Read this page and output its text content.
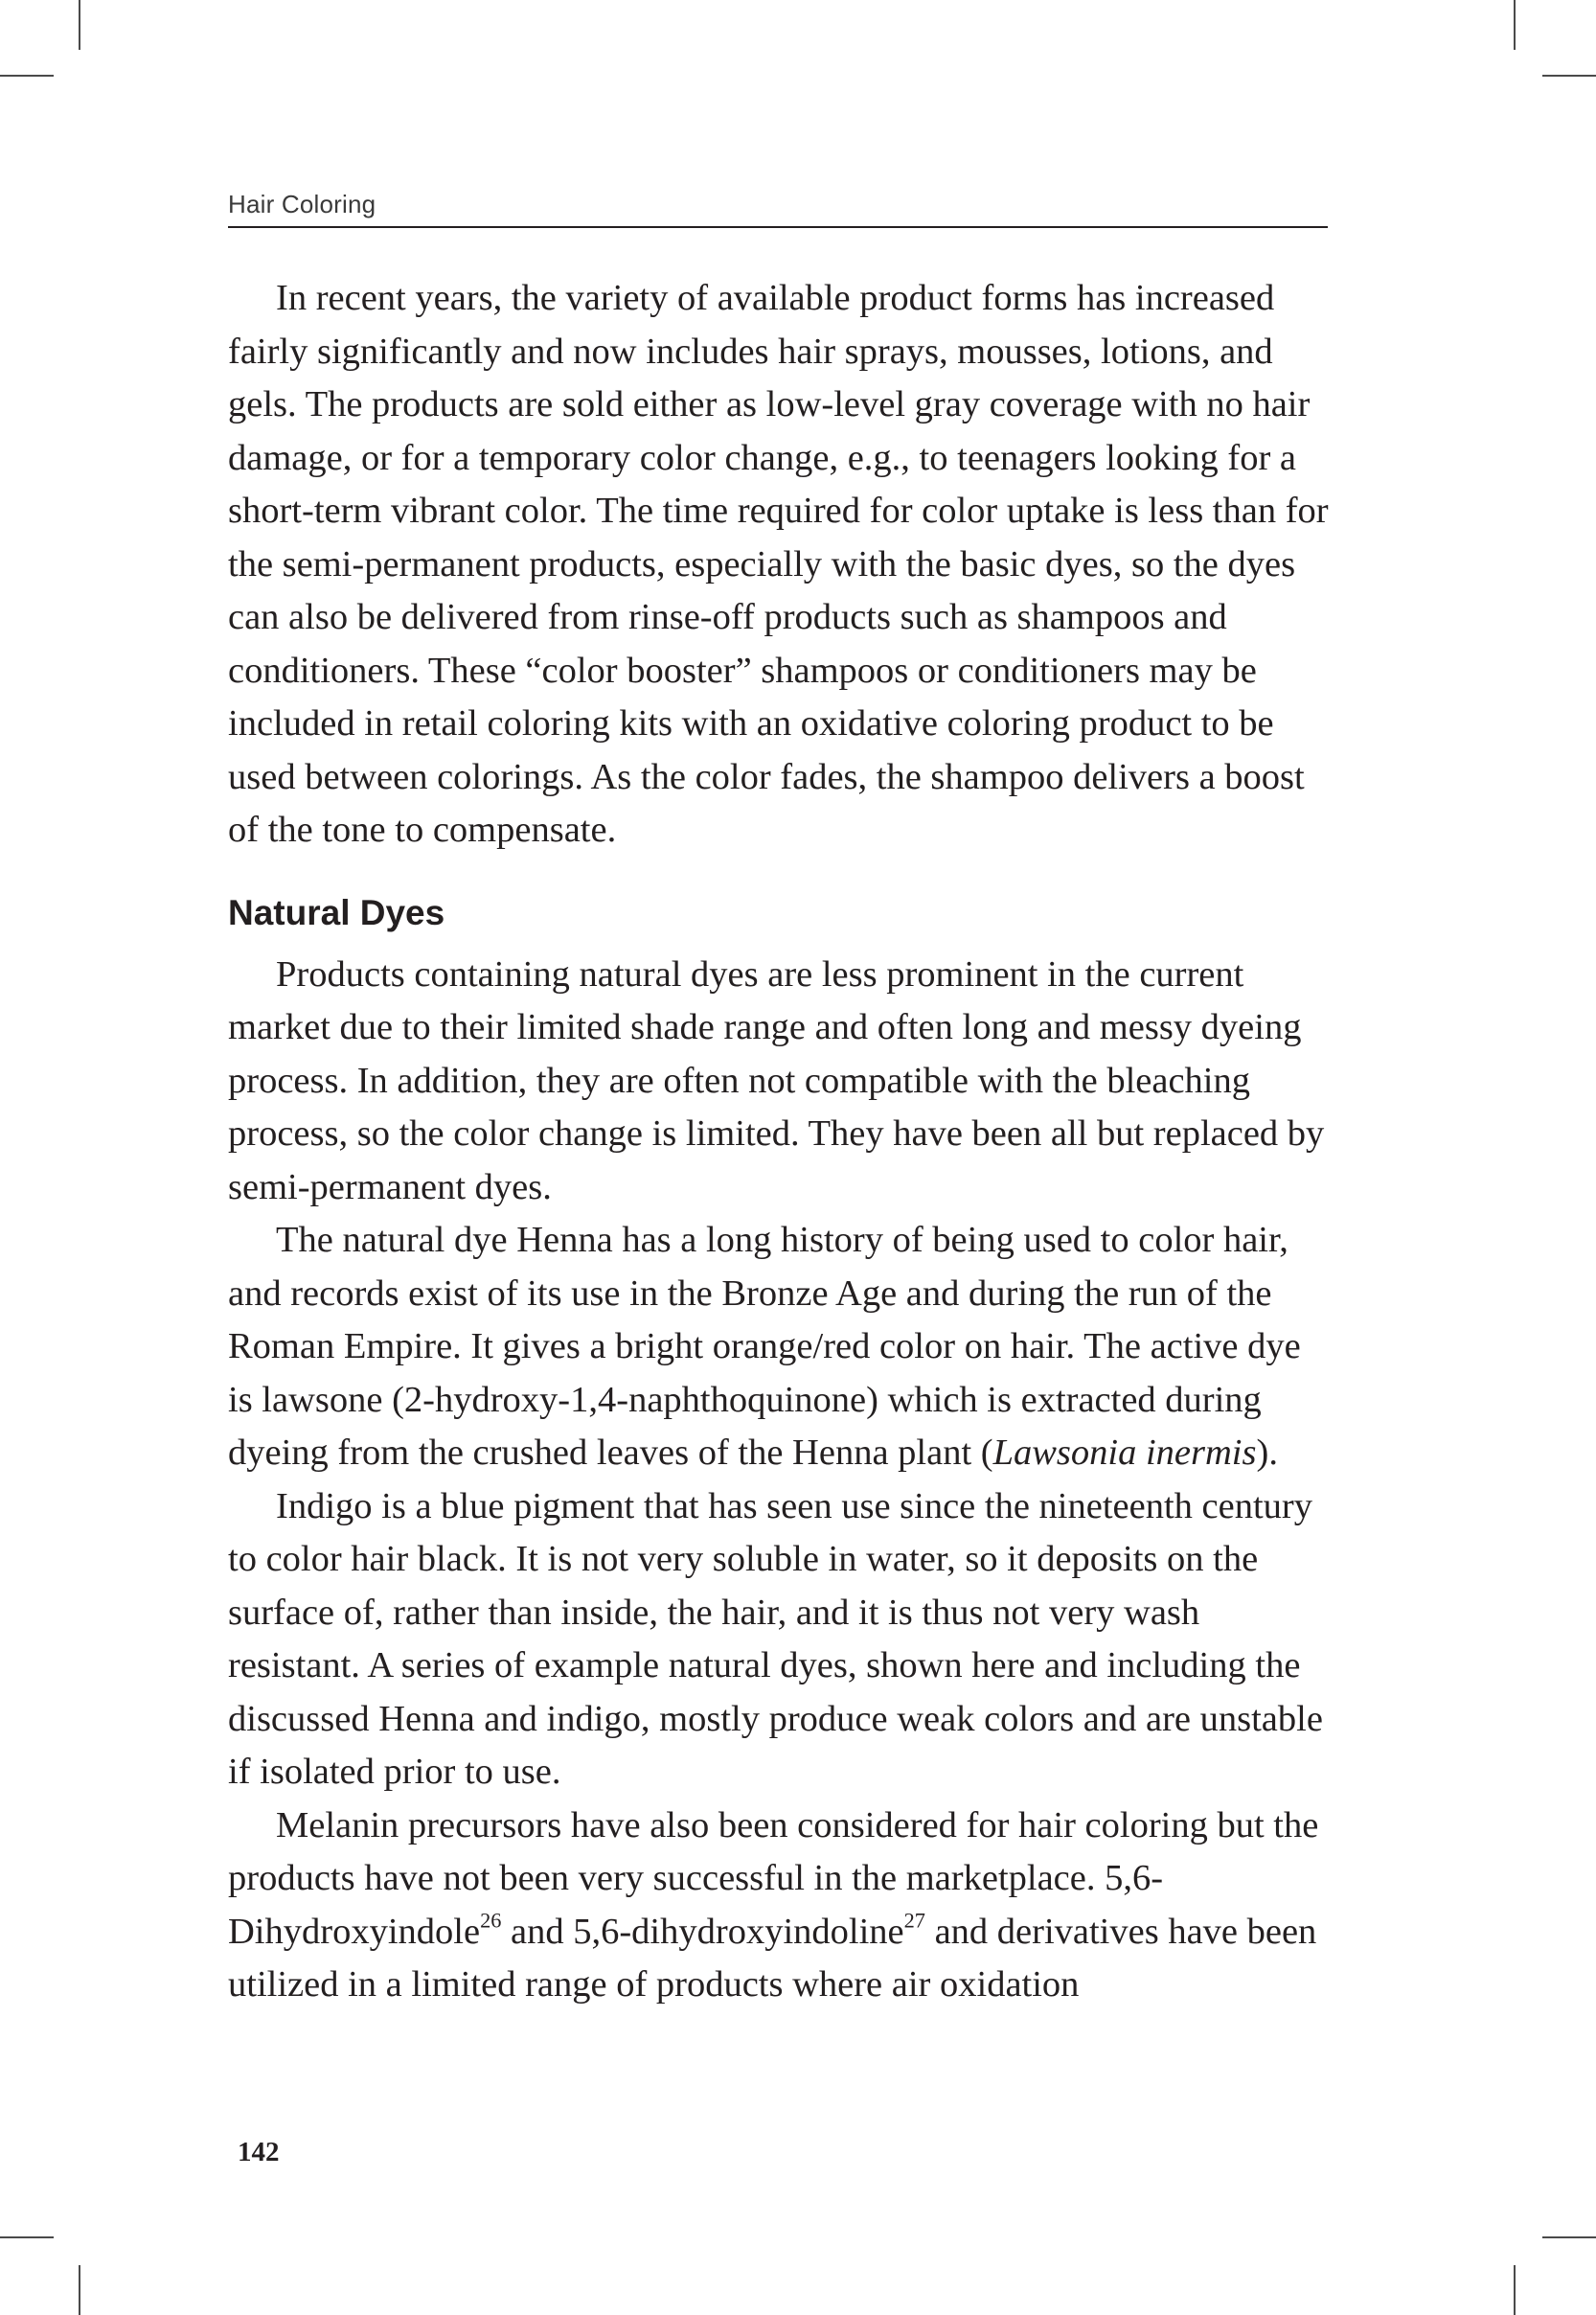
Hair Coloring

In recent years, the variety of available product forms has increased fairly significantly and now includes hair sprays, mousses, lotions, and gels. The products are sold either as low-level gray coverage with no hair damage, or for a temporary color change, e.g., to teenagers looking for a short-term vibrant color. The time required for color uptake is less than for the semi-permanent products, especially with the basic dyes, so the dyes can also be delivered from rinse-off products such as shampoos and conditioners. These “color booster” shampoos or conditioners may be included in retail coloring kits with an oxidative coloring product to be used between colorings. As the color fades, the shampoo delivers a boost of the tone to compensate.

Natural Dyes

Products containing natural dyes are less prominent in the current market due to their limited shade range and often long and messy dyeing process. In addition, they are often not compatible with the bleaching process, so the color change is limited. They have been all but replaced by semi-permanent dyes.

The natural dye Henna has a long history of being used to color hair, and records exist of its use in the Bronze Age and during the run of the Roman Empire. It gives a bright orange/red color on hair. The active dye is lawsone (2-hydroxy-1,4-naphthoquinone) which is extracted during dyeing from the crushed leaves of the Henna plant (Lawsonia inermis).

Indigo is a blue pigment that has seen use since the nineteenth century to color hair black. It is not very soluble in water, so it deposits on the surface of, rather than inside, the hair, and it is thus not very wash resistant. A series of example natural dyes, shown here and including the discussed Henna and indigo, mostly produce weak colors and are unstable if isolated prior to use.

Melanin precursors have also been considered for hair coloring but the products have not been very successful in the marketplace. 5,6-Dihydroxyindole$^{26}$ and 5,6-dihydroxyindoline$^{27}$ and derivatives have been utilized in a limited range of products where air oxidation

142
